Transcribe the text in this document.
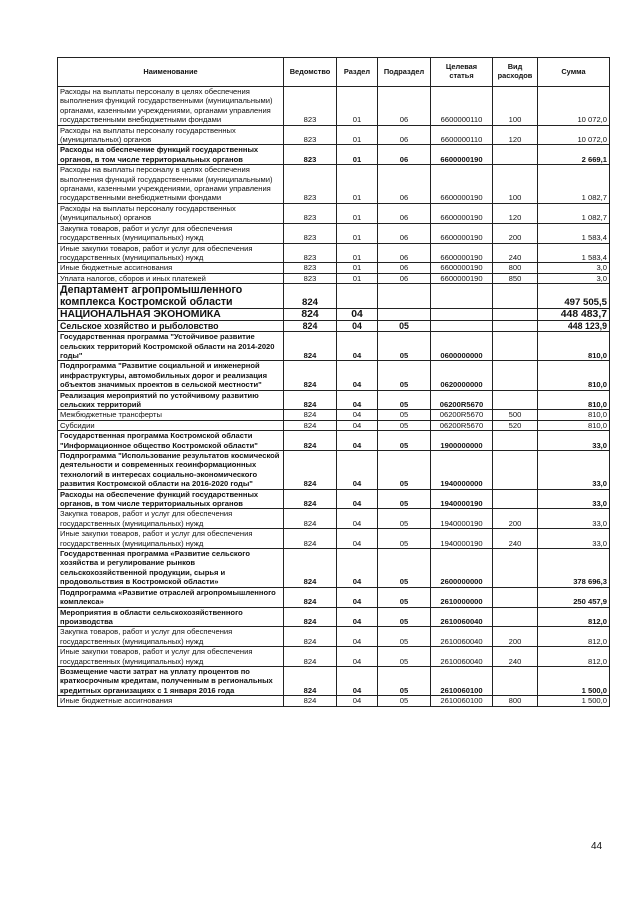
Наименование	Ведомство	Раздел	Подраздел	Целевая статья	Вид расходов	Сумма
Расходы на выплаты персоналу в целях обеспечения выполнения функций государственными (муниципальными) органами, казенными учреждениями, органами управления государственными внебюджетными фондами	823	01	06	6600000110	100	10 072,0
Расходы на выплаты персоналу государственных (муниципальных) органов	823	01	06	6600000110	120	10 072,0
Расходы на обеспечение функций государственных органов, в том числе территориальных органов	823	01	06	6600000190		2 669,1
Расходы на выплаты персоналу в целях обеспечения выполнения функций государственными (муниципальными) органами, казенными учреждениями, органами управления государственными внебюджетными фондами	823	01	06	6600000190	100	1 082,7
Расходы на выплаты персоналу государственных (муниципальных) органов	823	01	06	6600000190	120	1 082,7
Закупка товаров, работ и услуг для обеспечения государственных (муниципальных) нужд	823	01	06	6600000190	200	1 583,4
Иные закупки товаров, работ и услуг для обеспечения государственных (муниципальных) нужд	823	01	06	6600000190	240	1 583,4
Иные бюджетные ассигнования	823	01	06	6600000190	800	3,0
Уплата налогов, сборов и иных платежей	823	01	06	6600000190	850	3,0
Департамент агропромышленного комплекса Костромской области	824					497 505,5
НАЦИОНАЛЬНАЯ ЭКОНОМИКА	824	04				448 483,7
Сельское хозяйство и рыболовство	824	04	05			448 123,9
Государственная программа "Устойчивое развитие сельских территорий Костромской области на 2014-2020 годы"	824	04	05	0600000000		810,0
Подпрограмма "Развитие социальной и инженерной инфраструктуры, автомобильных дорог и реализация объектов значимых проектов в сельской местности"	824	04	05	0620000000		810,0
Реализация мероприятий по устойчивому развитию сельских территорий	824	04	05	06200R5670		810,0
Межбюджетные трансферты	824	04	05	06200R5670	500	810,0
Субсидии	824	04	05	06200R5670	520	810,0
Государственная программа Костромской области "Информационное общество Костромской области"	824	04	05	1900000000		33,0
Подпрограмма "Использование результатов космической деятельности и современных геоинформационных технологий в интересах социально-экономического развития Костромской области на 2016-2020 годы"	824	04	05	1940000000		33,0
Расходы на обеспечение функций государственных органов, в том числе территориальных органов	824	04	05	1940000190		33,0
Закупка товаров, работ и услуг для обеспечения государственных (муниципальных) нужд	824	04	05	1940000190	200	33,0
Иные закупки товаров, работ и услуг для обеспечения государственных (муниципальных) нужд	824	04	05	1940000190	240	33,0
Государственная программа «Развитие сельского хозяйства и регулирование рынков сельскохозяйственной продукции, сырья и продовольствия в Костромской области»	824	04	05	2600000000		378 696,3
Подпрограмма «Развитие отраслей агропромышленного комплекса»	824	04	05	2610000000		250 457,9
Мероприятия в области сельскохозяйственного производства	824	04	05	2610060040		812,0
Закупка товаров, работ и услуг для обеспечения государственных (муниципальных) нужд	824	04	05	2610060040	200	812,0
Иные закупки товаров, работ и услуг для обеспечения государственных (муниципальных) нужд	824	04	05	2610060040	240	812,0
Возмещение части затрат на уплату процентов по краткосрочным кредитам, полученным в региональных кредитных организациях с 1 января 2016 года	824	04	05	2610060100		1 500,0
Иные бюджетные ассигнования	824	04	05	2610060100	800	1 500,0
44
